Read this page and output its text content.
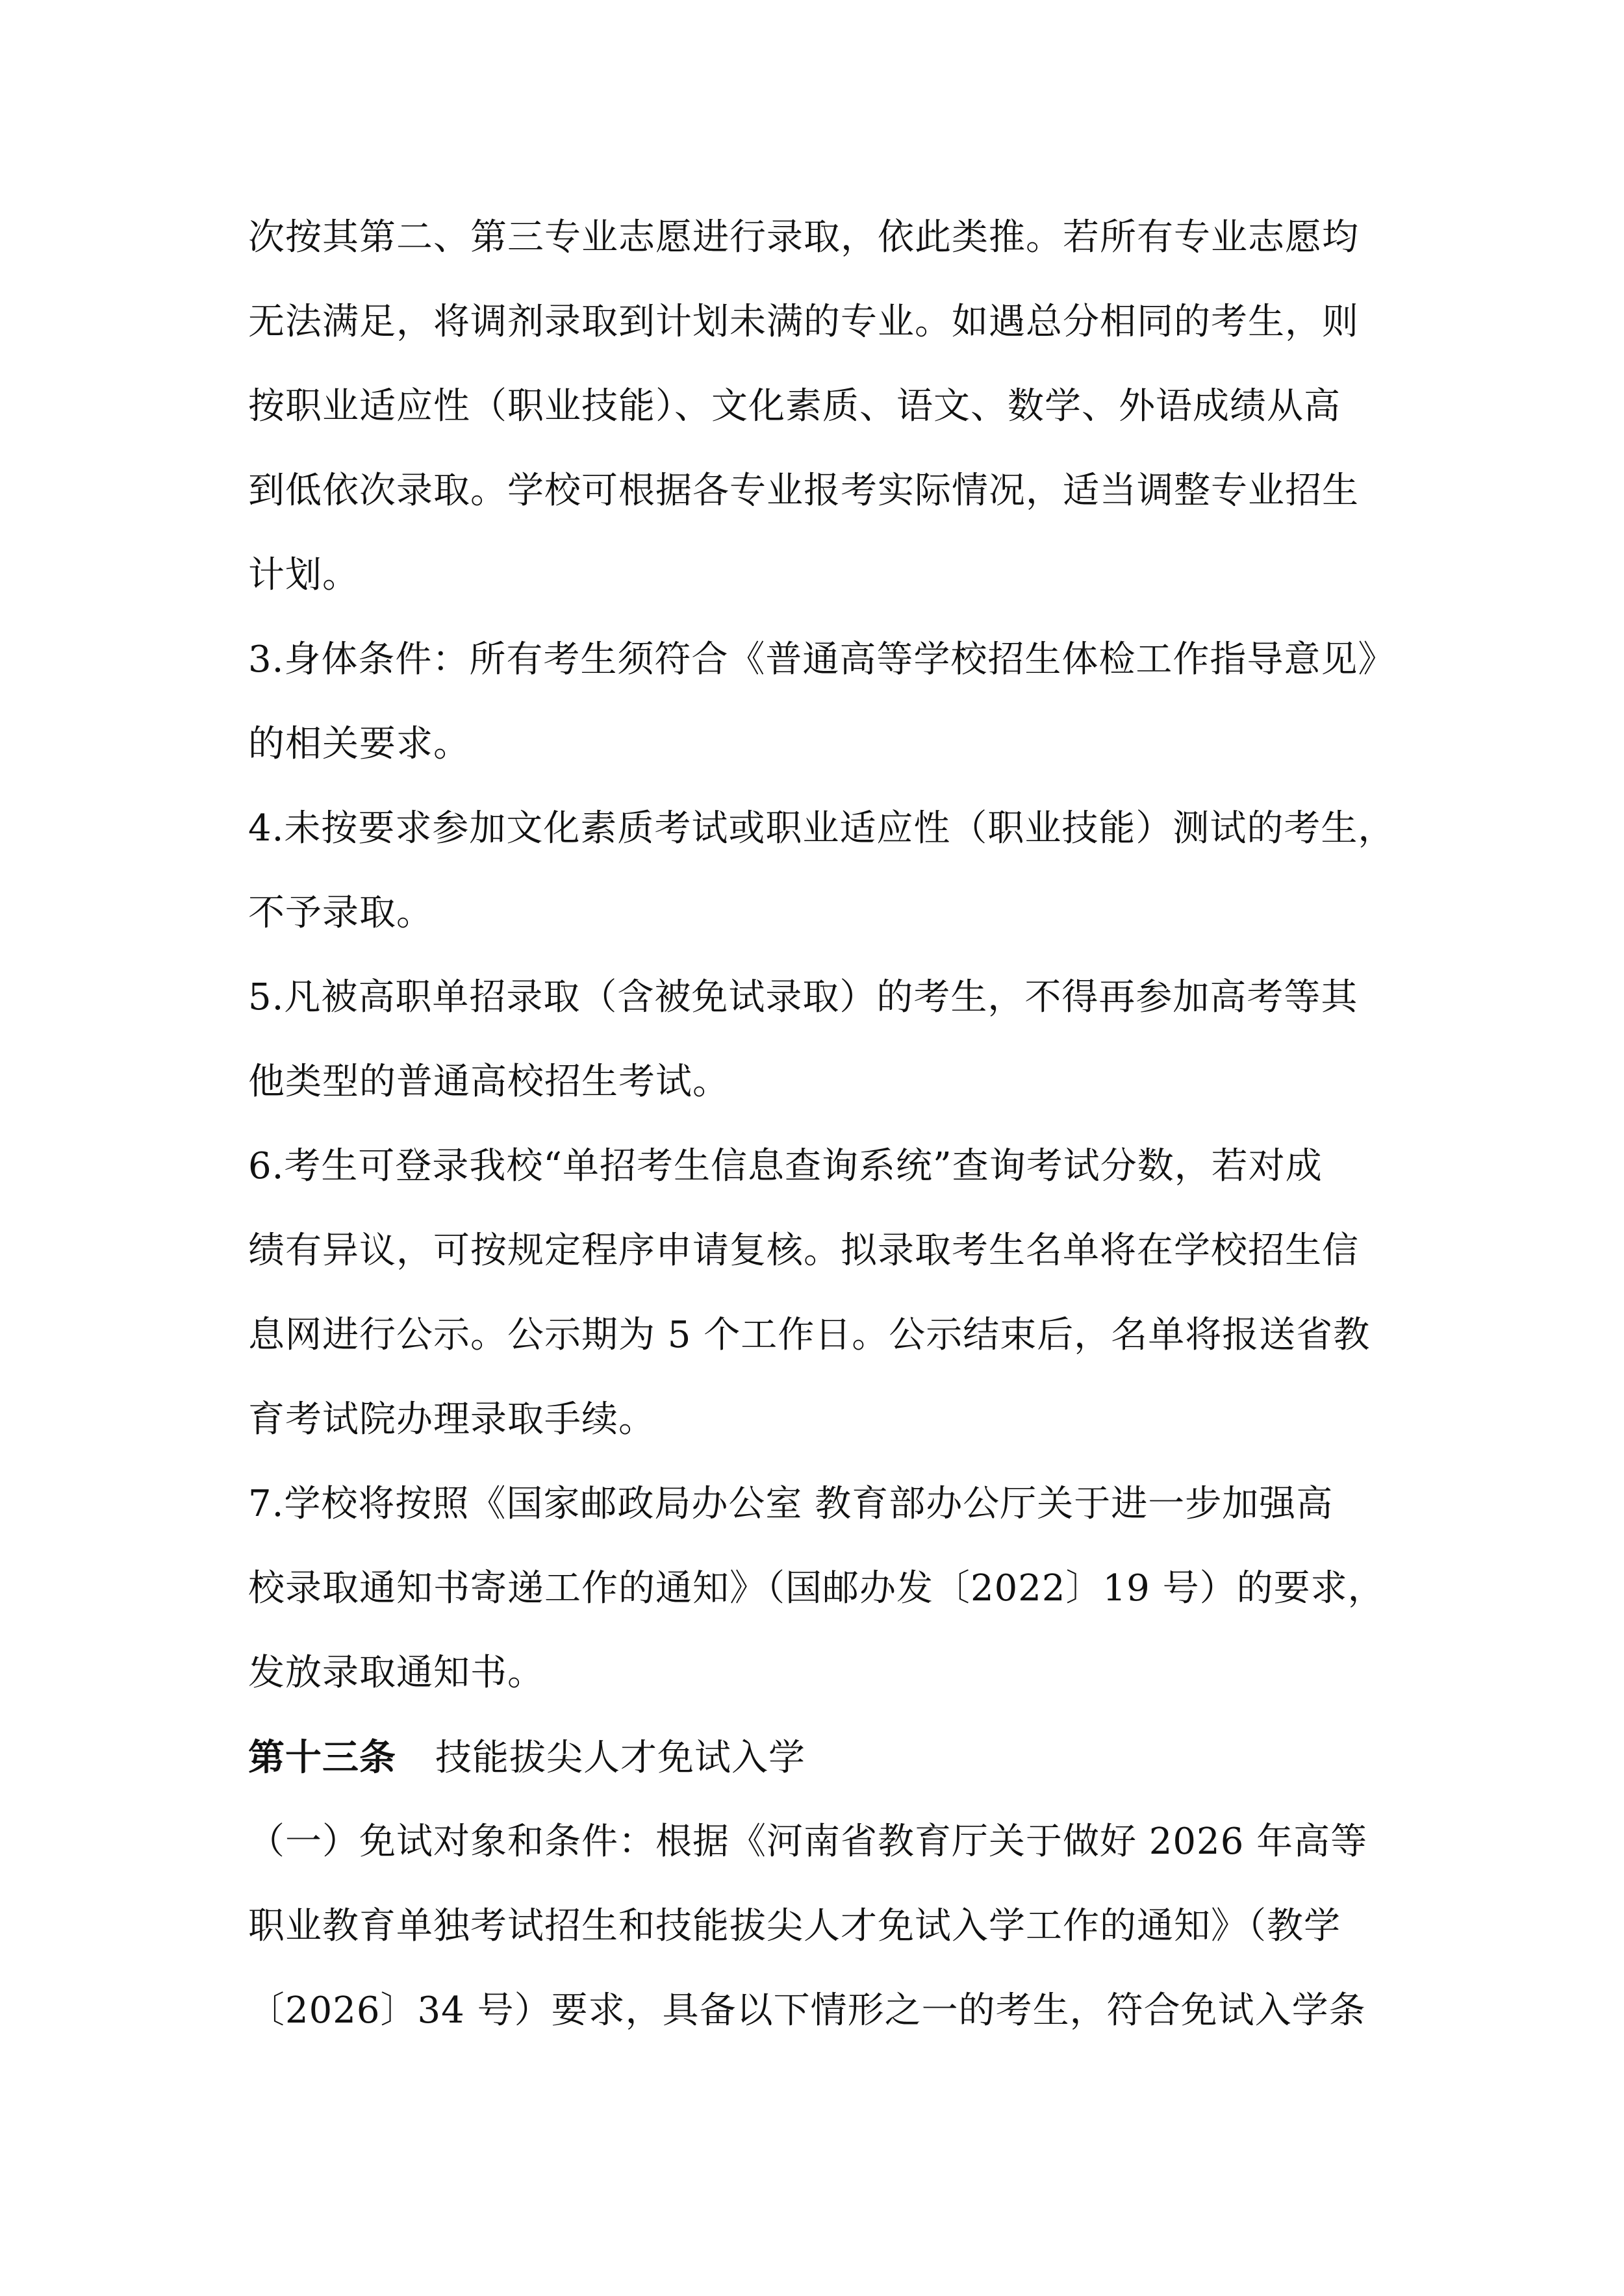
次按其第二、第三专业志愿进行录取，依此类推。若所有专业志愿均
无法满足，将调剂录取到计划未满的专业。如遇总分相同的考生，则
按职业适应性（职业技能）、文化素质、语文、数学、外语成绩从高
到低依次录取。学校可根据各专业报考实际情况，适当调整专业招生
计划。
3.身体条件：所有考生须符合《普通高等学校招生体检工作指导意见》
的相关要求。
4.未按要求参加文化素质考试或职业适应性（职业技能）测试的考生，
不予录取。
5.凡被高职单招录取（含被免试录取）的考生，不得再参加高考等其
他类型的普通高校招生考试。
6.考生可登录我校“单招考生信息查询系统”查询考试分数，若对成
绩有异议，可按规定程序申请复核。拟录取考生名单将在学校招生信
息网进行公示。公示期为 5 个工作日。公示结束后，名单将报送省教
育考试院办理录取手续。
7.学校将按照《国家邮政局办公室 教育部办公厅关于进一步加强高
校录取通知书寄递工作的通知》（国邮办发〔2022〕19 号）的要求，
发放录取通知书。
第十三条 技能拔尖人才免试入学
（一）免试对象和条件：根据《河南省教育厅关于做好 2026 年高等
职业教育单独考试招生和技能拔尖人才免试入学工作的通知》（教学
〔2026〕34 号）要求，具备以下情形之一的考生，符合免试入学条
